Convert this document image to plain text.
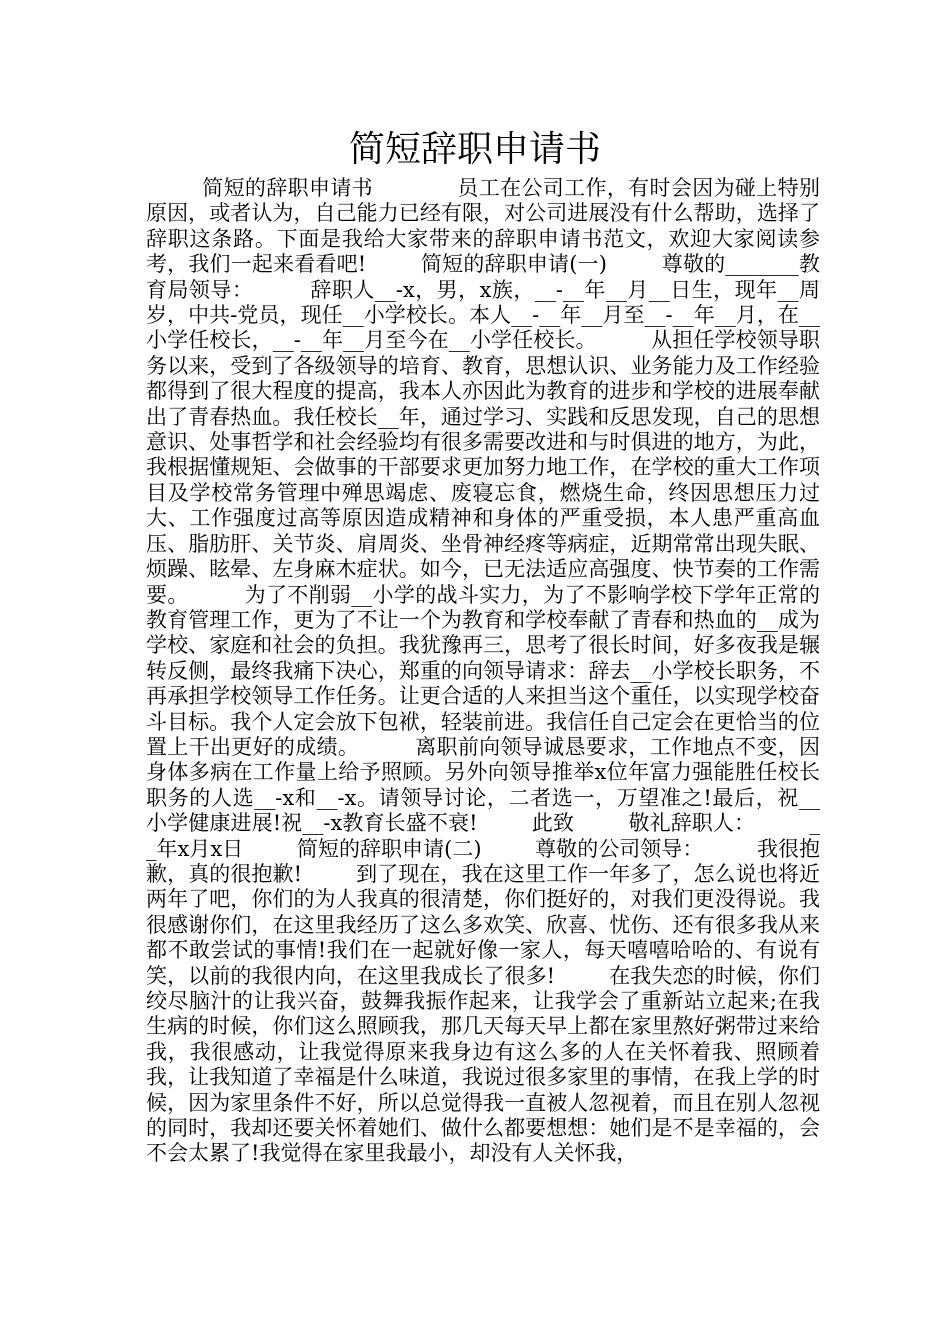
简短辞职申请书

简短的辞职申请书            员工在公司工作，有时会因为碰上特别原因，或者认为，自己能力已经有限，对公司进展没有什么帮助，选择了辞职这条路。下面是我给大家带来的辞职申请书范文，欢迎大家阅读参考，我们一起来看看吧!        简短的辞职申请(一)        尊敬的_______教育局领导：        辞职人__-x，男，x族，__-__年__月__日生，现年__周岁，中共-党员，现任__小学校长。本人__-__年__月至__-__年__月，在__小学任校长，__-__年__月至今在__小学任校长。        从担任学校领导职务以来，受到了各级领导的培育、教育，思想认识、业务能力及工作经验都得到了很大程度的提高，我本人亦因此为教育的进步和学校的进展奉献出了青春热血。我任校长__年，通过学习、实践和反思发现，自己的思想意识、处事哲学和社会经验均有很多需要改进和与时俱进的地方，为此，我根据懂规矩、会做事的干部要求更加努力地工作，在学校的重大工作项目及学校常务管理中殚思竭虑、废寝忘食，燃烧生命，终因思想压力过大、工作强度过高等原因造成精神和身体的严重受损，本人患严重高血压、脂肪肝、关节炎、肩周炎、坐骨神经疼等病症，近期常常出现失眠、烦躁、眩晕、左身麻木症状。如今，已无法适应高强度、快节奏的工作需要。        为了不削弱__小学的战斗实力，为了不影响学校下学年正常的教育管理工作，更为了不让一个为教育和学校奉献了青春和热血的__成为学校、家庭和社会的负担。我犹豫再三，思考了很长时间，好多夜我是辗转反侧，最终我痛下决心，郑重的向领导请求：辞去__小学校长职务，不再承担学校领导工作任务。让更合适的人来担当这个重任，以实现学校奋斗目标。我个人定会放下包袱，轻装前进。我信任自己定会在更恰当的位置上干出更好的成绩。        离职前向领导诚恳要求，工作地点不变，因身体多病在工作量上给予照顾。另外向领导推举x位年富力强能胜任校长职务的人选__-x和__-x。请领导讨论，二者选一，万望准之!最后，祝__小学健康进展!祝__-x教育长盛不衰!        此致        敬礼辞职人：        __年x月x日        简短的辞职申请(二)        尊敬的公司领导：        我很抱歉，真的很抱歉!        到了现在，我在这里工作一年多了，怎么说也将近两年了吧，你们的为人我真的很清楚，你们挺好的，对我们更没得说。我很感谢你们，在这里我经历了这么多欢笑、欣喜、忧伤、还有很多我从来都不敢尝试的事情!我们在一起就好像一家人，每天嘻嘻哈哈的、有说有笑，以前的我很内向，在这里我成长了很多!        在我失恋的时候，你们绞尽脑汁的让我兴奋，鼓舞我振作起来，让我学会了重新站立起来;在我生病的时候，你们这么照顾我，那几天每天早上都在家里熬好粥带过来给我，我很感动，让我觉得原来我身边有这么多的人在关怀着我、照顾着我，让我知道了幸福是什么味道，我说过很多家里的事情，在我上学的时候，因为家里条件不好，所以总觉得我一直被人忽视着，而且在别人忽视的同时，我却还要关怀着她们、做什么都要想想：她们是不是幸福的，会不会太累了!我觉得在家里我最小，却没有人关怀我，
